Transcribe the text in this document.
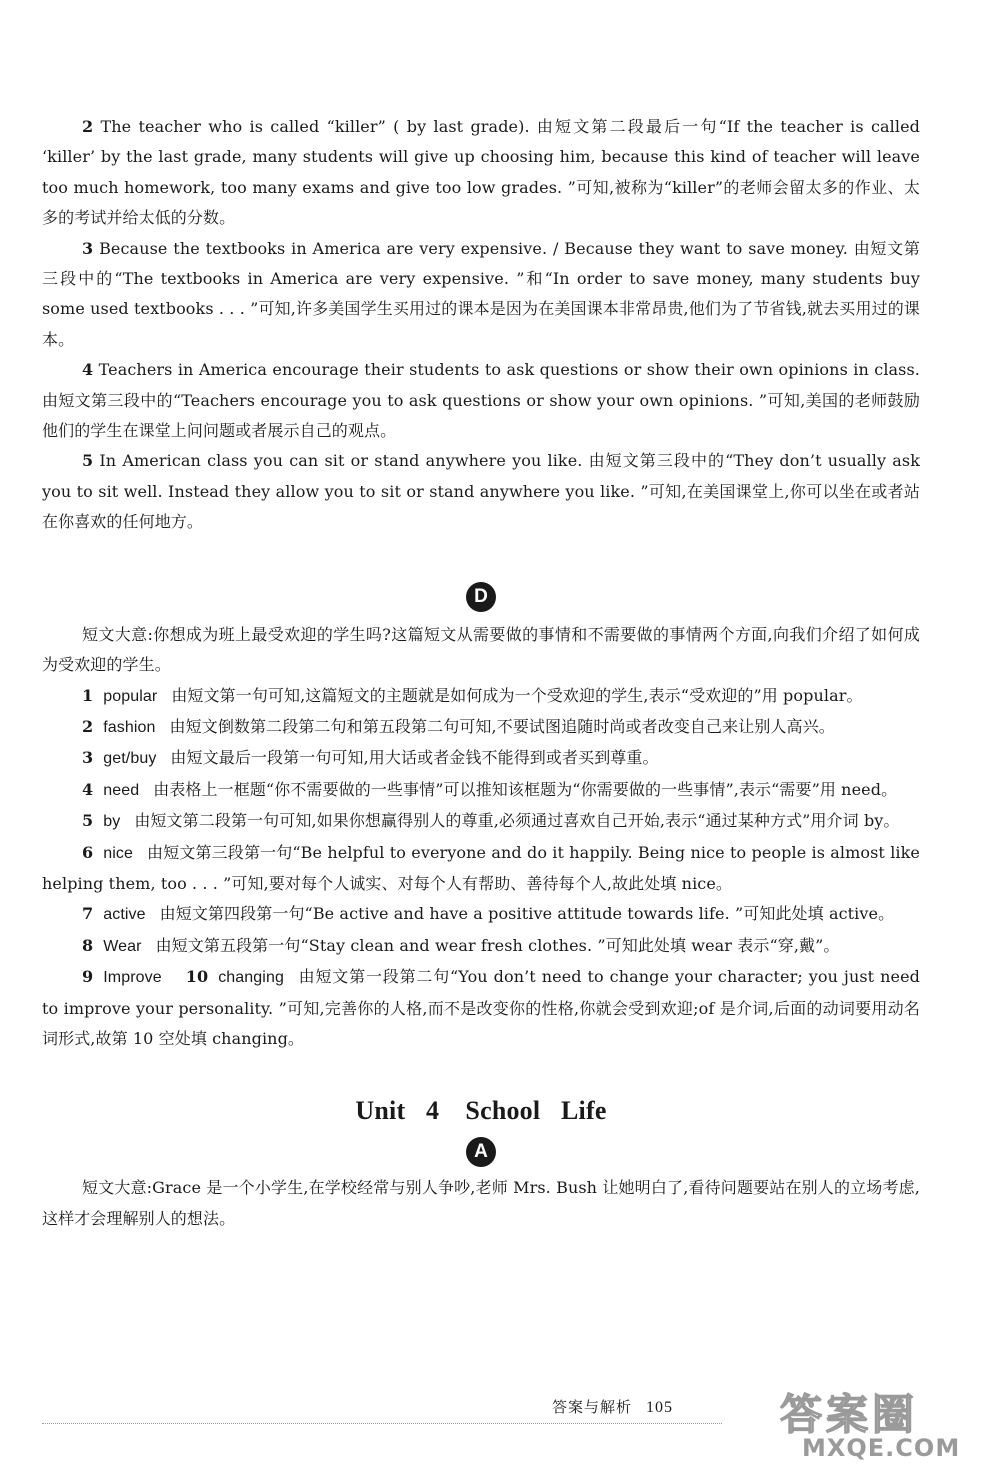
2 The teacher who is called “killer” ( by last grade). 由短文第二段最后一句“If the teacher is called ‘killer’ by the last grade, many students will give up choosing him, because this kind of teacher will leave too much homework, too many exams and give too low grades. ”可知,被称为“killer”的老师会留太多的作业、太多的考试并给太低的分数。

3 Because the textbooks in America are very expensive. / Because they want to save money. 由短文第三段中的“The textbooks in America are very expensive. ”和“In order to save money, many students buy some used textbooks . . . ”可知,许多美国学生买用过的课本是因为在美国课本非常昂贵,他们为了节省钱,就去买用过的课本。

4 Teachers in America encourage their students to ask questions or show their own opinions in class. 由短文第三段中的“Teachers encourage you to ask questions or show your own opinions. ”可知,美国的老师鼓励他们的学生在课堂上问问题或者展示自己的观点。

5 In American class you can sit or stand anywhere you like. 由短文第三段中的“They don’t usually ask you to sit well. Instead they allow you to sit or stand anywhere you like. ”可知,在美国课堂上,你可以坐在或者站在你喜欢的任何地方。

D

短文大意:你想成为班上最受欢迎的学生吗?这篇短文从需要做的事情和不需要做的事情两个方面,向我们介绍了如何成为受欢迎的学生。

1 popular 由短文第一句可知,这篇短文的主题就是如何成为一个受欢迎的学生,表示“受欢迎的”用 popular。

2 fashion 由短文倒数第二段第二句和第五段第二句可知,不要试图追随时尚或者改变自己来让别人高兴。

3 get/buy 由短文最后一段第一句可知,用大话或者金钱不能得到或者买到尊重。

4 need 由表格上一框题“你不需要做的一些事情”可以推知该框题为“你需要做的一些事情”,表示“需要”用 need。

5 by 由短文第二段第一句可知,如果你想赢得别人的尊重,必须通过喜欢自己开始,表示“通过某种方式”用介词 by。

6 nice 由短文第三段第一句“Be helpful to everyone and do it happily. Being nice to people is almost like helping them, too . . . ”可知,要对每个人诚实、对每个人有帮助、善待每个人,故此处填 nice。

7 active 由短文第四段第一句“Be active and have a positive attitude towards life. ”可知此处填 active。

8 Wear 由短文第五段第一句“Stay clean and wear fresh clothes. ”可知此处填 wear 表示“穿,戴”。

9 Improve 10 changing 由短文第一段第二句“You don’t need to change your character; you just need to improve your personality. ”可知,完善你的人格,而不是改变你的性格,你就会受到欢迎;of 是介词,后面的动词要用动名词形式,故第 10 空处填 changing。

Unit 4　School Life
A

短文大意:Grace 是一个小学生,在学校经常与别人争吵,老师 Mrs. Bush 让她明白了,看待问题要站在别人的立场考虑,这样才会理解别人的想法。

答案与解析 105	答案圈
MXQE.COM
